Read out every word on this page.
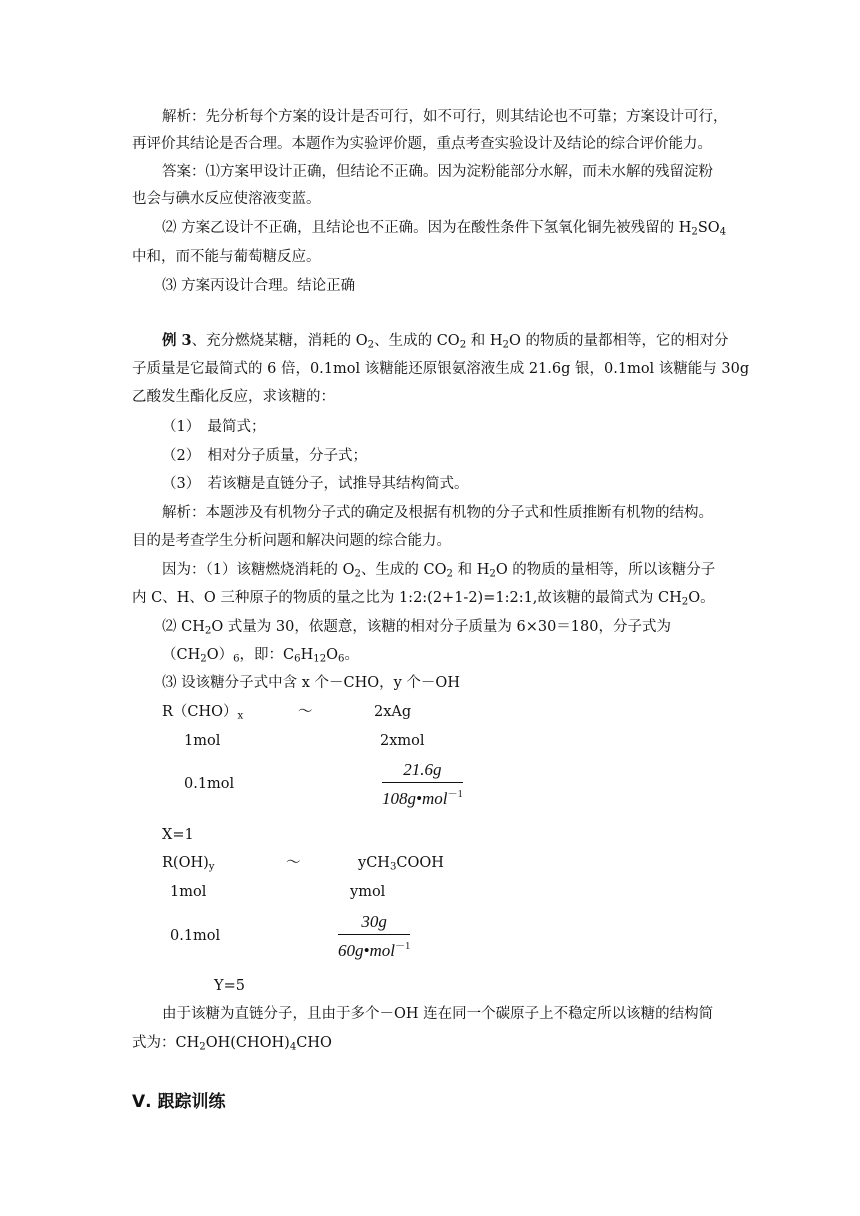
解析：先分析每个方案的设计是否可行，如不可行，则其结论也不可靠；方案设计可行，
再评价其结论是否合理。本题作为实验评价题，重点考查实验设计及结论的综合评价能力。
答案：⑴方案甲设计正确，但结论不正确。因为淀粉能部分水解，而未水解的残留淀粉
也会与碘水反应使溶液变蓝。
⑵ 方案乙设计不正确，且结论也不正确。因为在酸性条件下氢氧化铜先被残留的 $H_2SO_4$
中和，而不能与葡萄糖反应。
⑶ 方案丙设计合理。结论正确
例 3、充分燃烧某糖，消耗的 $O_2$、生成的 $CO_2$ 和 $H_2O$ 的物质的量都相等，它的相对分
子质量是它最简式的 6 倍，0.1mol 该糖能还原银氨溶液生成 21.6g 银，0.1mol 该糖能与 30g
乙酸发生酯化反应，求该糖的：
（1）　最简式；
（2）　相对分子质量，分子式；
（3）　若该糖是直链分子，试推导其结构简式。
解析：本题涉及有机物分子式的确定及根据有机物的分子式和性质推断有机物的结构。
目的是考查学生分析问题和解决问题的综合能力。
因为：（1）该糖燃烧消耗的 $O_2$、生成的 $CO_2$ 和 $H_2O$ 的物质的量相等，所以该糖分子
内 C、H、O 三种原子的物质的量之比为 1:2:(2+1-2)=1:2:1,故该糖的最简式为 $CH_2O$。
⑵ $CH_2O$ 式量为 30，依题意，该糖的相对分子质量为 6×30＝180，分子式为
$(CH_2O)_6$，即：$C_6H_{12}O_6$。
⑶ 设该糖分子式中含 x 个－CHO，y 个－OH
$R(CHO)_x$	～	2xAg
1mol	2xmol
0.1mol
21.6g
108g•mol$^{-1}$
X=1
$R(OH)_y$	～	yCH$_3$COOH
1mol	ymol
0.1mol
30g
60g•mol$^{-1}$
Y=5
由于该糖为直链分子，且由于多个－OH 连在同一个碳原子上不稳定所以该糖的结构简
式为：$CH_2OH(CHOH)_4CHO$
Ⅴ. 跟踪训练
